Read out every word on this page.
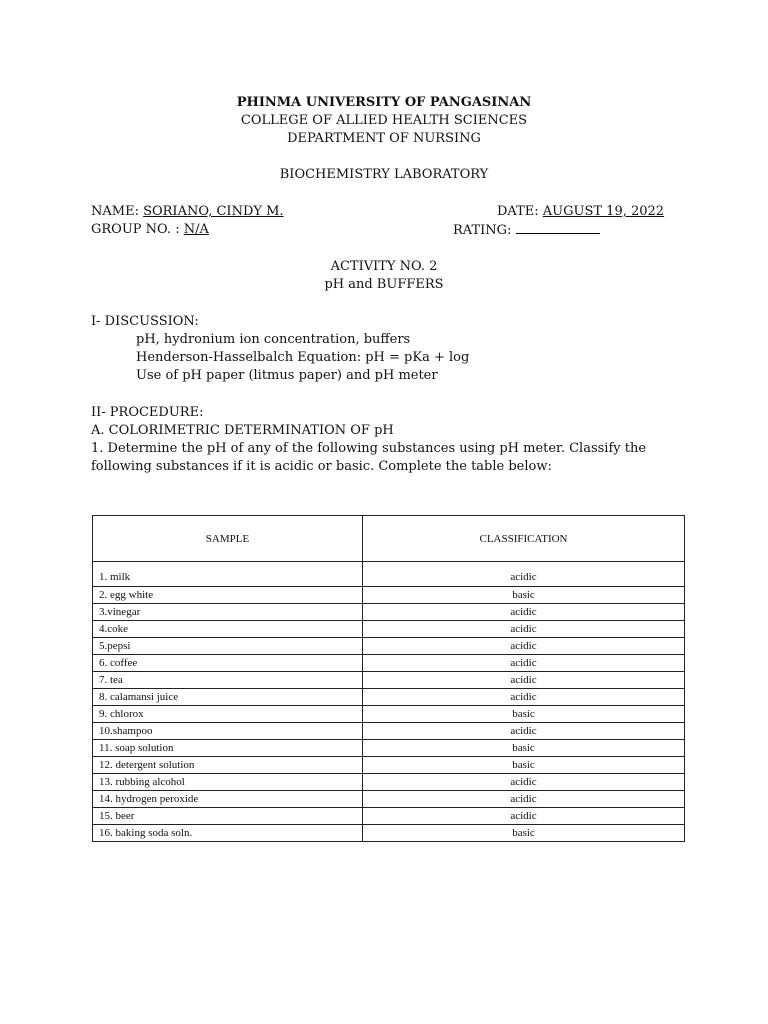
PHINMA UNIVERSITY OF PANGASINAN
COLLEGE OF ALLIED HEALTH SCIENCES
DEPARTMENT OF NURSING
BIOCHEMISTRY LABORATORY
NAME: SORIANO, CINDY M.	DATE: AUGUST 19, 2022
GROUP NO. : N/A	RATING:
ACTIVITY NO. 2
pH and BUFFERS
I- DISCUSSION:
pH, hydronium ion concentration, buffers
Henderson-Hasselbalch Equation: pH = pKa + log
Use of pH paper (litmus paper) and pH meter
II- PROCEDURE:
A. COLORIMETRIC DETERMINATION OF pH
1. Determine the pH of any of the following substances using pH meter. Classify the
following substances if it is acidic or basic. Complete the table below:
SAMPLE	CLASSIFICATION
1. milk	acidic
2. egg white	basic
3.vinegar	acidic
4.coke	acidic
5.pepsi	acidic
6. coffee	acidic
7. tea	acidic
8. calamansi juice	acidic
9. chlorox	basic
10.shampoo	acidic
11. soap solution	basic
12. detergent solution	basic
13. rubbing alcohol	acidic
14. hydrogen peroxide	acidic
15. beer	acidic
16. baking soda soln.	basic
